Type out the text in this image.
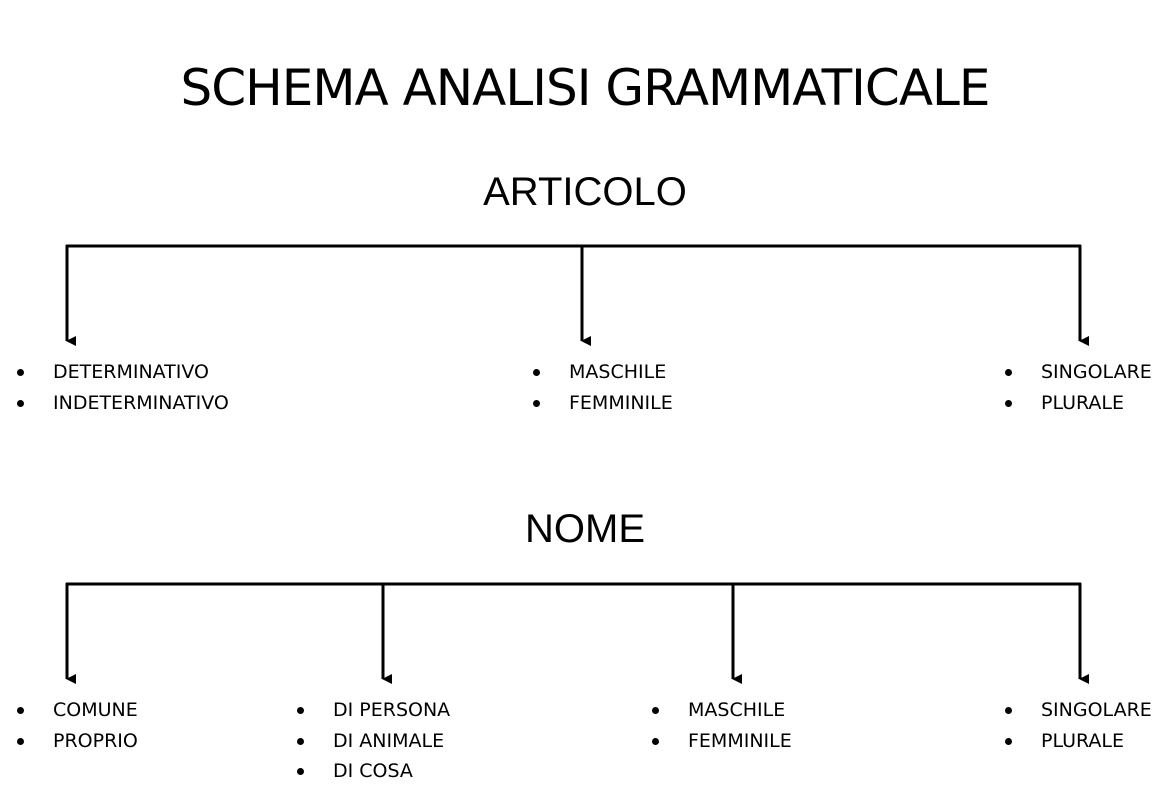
SCHEMA ANALISI GRAMMATICALE
ARTICOLO
DETERMINATIVO
INDETERMINATIVO
MASCHILE
FEMMINILE
SINGOLARE
PLURALE
NOME
COMUNE
PROPRIO
DI PERSONA
DI ANIMALE
DI COSA
MASCHILE
FEMMINILE
SINGOLARE
PLURALE
